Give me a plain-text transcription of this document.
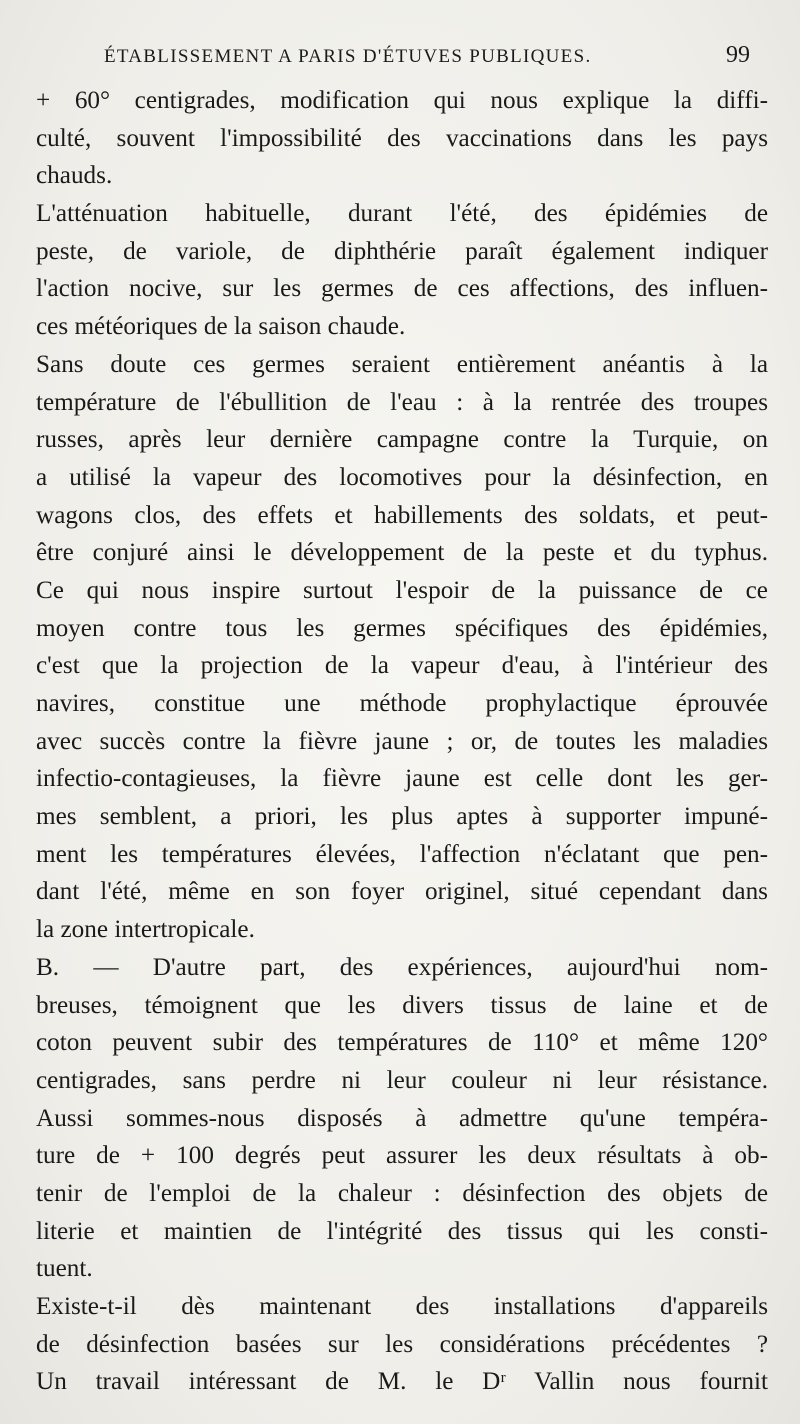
ÉTABLISSEMENT A PARIS D'ÉTUVES PUBLIQUES.	99
+ 60° centigrades, modification qui nous explique la diffi-
culté, souvent l'impossibilité des vaccinations dans les pays
chauds.
L'atténuation habituelle, durant l'été, des épidémies de
peste, de variole, de diphthérie paraît également indiquer
l'action nocive, sur les germes de ces affections, des influen-
ces météoriques de la saison chaude.
Sans doute ces germes seraient entièrement anéantis à la
température de l'ébullition de l'eau : à la rentrée des troupes
russes, après leur dernière campagne contre la Turquie, on
a utilisé la vapeur des locomotives pour la désinfection, en
wagons clos, des effets et habillements des soldats, et peut-
être conjuré ainsi le développement de la peste et du typhus.
Ce qui nous inspire surtout l'espoir de la puissance de ce
moyen contre tous les germes spécifiques des épidémies,
c'est que la projection de la vapeur d'eau, à l'intérieur des
navires, constitue une méthode prophylactique éprouvée
avec succès contre la fièvre jaune ; or, de toutes les maladies
infectio-contagieuses, la fièvre jaune est celle dont les ger-
mes semblent, a priori, les plus aptes à supporter impuné-
ment les températures élevées, l'affection n'éclatant que pen-
dant l'été, même en son foyer originel, situé cependant dans
la zone intertropicale.
B. — D'autre part, des expériences, aujourd'hui nom-
breuses, témoignent que les divers tissus de laine et de
coton peuvent subir des températures de 110° et même 120°
centigrades, sans perdre ni leur couleur ni leur résistance.
Aussi sommes-nous disposés à admettre qu'une tempéra-
ture de + 100 degrés peut assurer les deux résultats à ob-
tenir de l'emploi de la chaleur : désinfection des objets de
literie et maintien de l'intégrité des tissus qui les consti-
tuent.
Existe-t-il dès maintenant des installations d'appareils
de désinfection basées sur les considérations précédentes ?
Un travail intéressant de M. le Dʳ Vallin nous fournit
